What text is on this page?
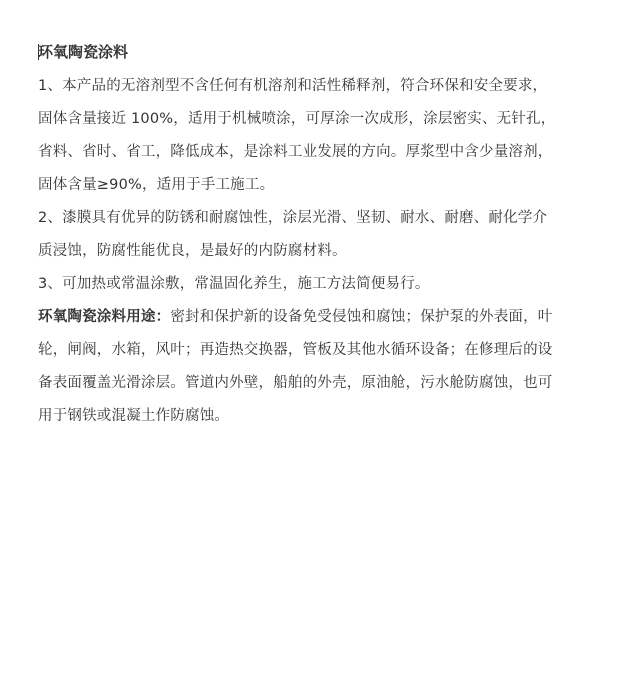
环氧陶瓷涂料

1、本产品的无溶剂型不含任何有机溶剂和活性稀释剂，符合环保和安全要求，
固体含量接近 100%，适用于机械喷涂，可厚涂一次成形，涂层密实、无针孔，
省料、省时、省工，降低成本，是涂料工业发展的方向。厚浆型中含少量溶剂，
固体含量≥90%，适用于手工施工。

2、漆膜具有优异的防锈和耐腐蚀性，涂层光滑、坚韧、耐水、耐磨、耐化学介
质浸蚀，防腐性能优良，是最好的内防腐材料。

3、可加热或常温涂敷，常温固化养生，施工方法简便易行。

环氧陶瓷涂料用途：密封和保护新的设备免受侵蚀和腐蚀；保护泵的外表面，叶
轮，闸阀，水箱，风叶；再造热交换器，管板及其他水循环设备；在修理后的设
备表面覆盖光滑涂层。管道内外壁，船舶的外壳，原油舱，污水舱防腐蚀，也可
用于钢铁或混凝土作防腐蚀。
